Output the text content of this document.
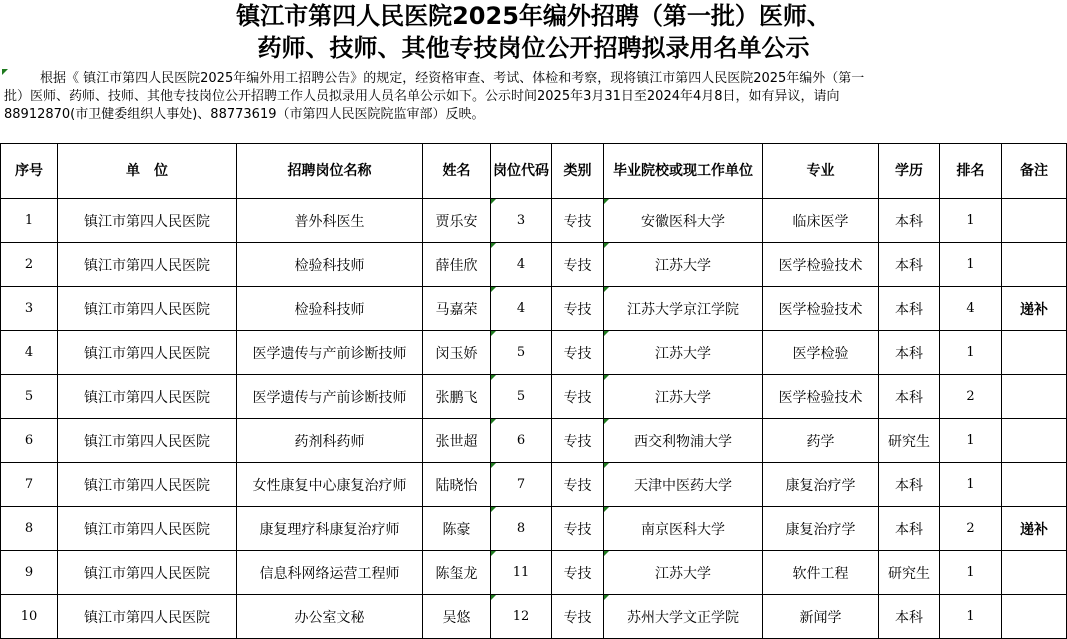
镇江市第四人民医院2025年编外招聘（第一批）医师、
药师、技师、其他专技岗位公开招聘拟录用名单公示
根据《 镇江市第四人民医院2025年编外用工招聘公告》的规定，经资格审查、考试、体检和考察，现将镇江市第四人民医院2025年编外（第一
批）医师、药师、技师、其他专技岗位公开招聘工作人员拟录用人员名单公示如下。公示时间2025年3月31日至2024年4月8日，如有异议，请向
88912870(市卫健委组织人事处)、88773619（市第四人民医院院监审部）反映。
序号	单　位	招聘岗位名称	姓名	岗位代码	类别	毕业院校或现工作单位	专业	学历	排名	备注
1	镇江市第四人民医院	普外科医生	贾乐安	3	专技	安徽医科大学	临床医学	本科	1	
2	镇江市第四人民医院	检验科技师	薛佳欣	4	专技	江苏大学	医学检验技术	本科	1	
3	镇江市第四人民医院	检验科技师	马嘉荣	4	专技	江苏大学京江学院	医学检验技术	本科	4	递补
4	镇江市第四人民医院	医学遗传与产前诊断技师	闵玉娇	5	专技	江苏大学	医学检验	本科	1	
5	镇江市第四人民医院	医学遗传与产前诊断技师	张鹏飞	5	专技	江苏大学	医学检验技术	本科	2	
6	镇江市第四人民医院	药剂科药师	张世超	6	专技	西交利物浦大学	药学	研究生	1	
7	镇江市第四人民医院	女性康复中心康复治疗师	陆晓怡	7	专技	天津中医药大学	康复治疗学	本科	1	
8	镇江市第四人民医院	康复理疗科康复治疗师	陈豪	8	专技	南京医科大学	康复治疗学	本科	2	递补
9	镇江市第四人民医院	信息科网络运营工程师	陈玺龙	11	专技	江苏大学	软件工程	研究生	1	
10	镇江市第四人民医院	办公室文秘	吴悠	12	专技	苏州大学文正学院	新闻学	本科	1	
